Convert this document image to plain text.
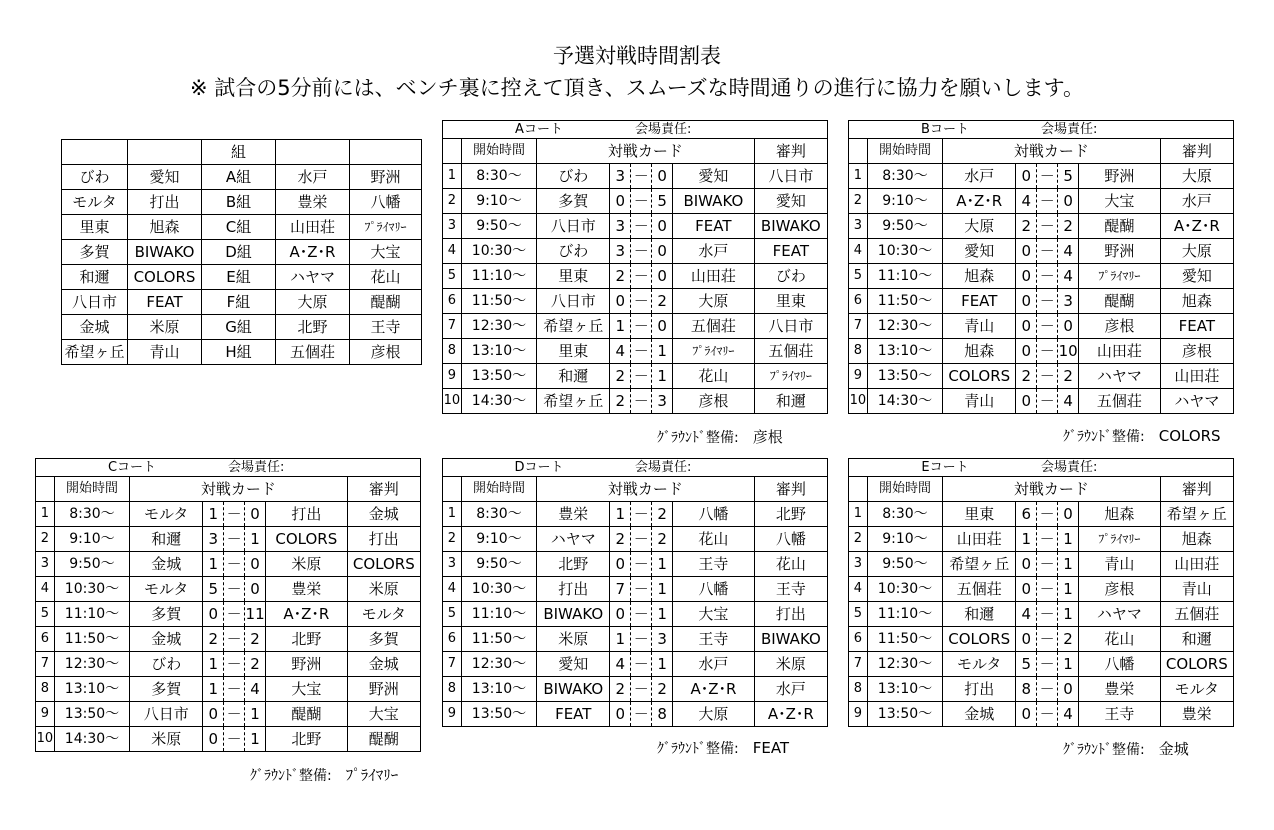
予選対戦時間割表
※ 試合の5分前には、ベンチ裏に控えて頂き、スムーズな時間通りの進行に協力を願いします。
		組		
びわ	愛知	A組	水戸	野洲
モルタ	打出	B組	豊栄	八幡
里東	旭森	C組	山田荘	ﾌﾟﾗｲﾏﾘｰ
多賀	BIWAKO	D組	A･Z･R	大宝
和邇	COLORS	E組	ハヤマ	花山
八日市	FEAT	F組	大原	醍醐
金城	米原	G組	北野	王寺
希望ヶ丘	青山	H組	五個荘	彦根
Aコート 会場責任:							
	開始時間	対戦カード					審判
1	8:30～	びわ	3	－	0	愛知	八日市
2	9:10～	多賀	0	－	5	BIWAKO	愛知
3	9:50～	八日市	3	－	0	FEAT	BIWAKO
4	10:30～	びわ	3	－	0	水戸	FEAT
5	11:10～	里東	2	－	0	山田荘	びわ
6	11:50～	八日市	0	－	2	大原	里東
7	12:30～	希望ヶ丘	1	－	0	五個荘	八日市
8	13:10～	里東	4	－	1	ﾌﾟﾗｲﾏﾘｰ	五個荘
9	13:50～	和邇	2	－	1	花山	ﾌﾟﾗｲﾏﾘｰ
10	14:30～	希望ヶ丘	2	－	3	彦根	和邇
ｸﾞﾗｳﾝﾄﾞ整備: 彦根
Bコート 会場責任:							
	開始時間	対戦カード					審判
1	8:30～	水戸	0	－	5	野洲	大原
2	9:10～	A･Z･R	4	－	0	大宝	水戸
3	9:50～	大原	2	－	2	醍醐	A･Z･R
4	10:30～	愛知	0	－	4	野洲	大原
5	11:10～	旭森	0	－	4	ﾌﾟﾗｲﾏﾘｰ	愛知
6	11:50～	FEAT	0	－	3	醍醐	旭森
7	12:30～	青山	0	－	0	彦根	FEAT
8	13:10～	旭森	0	－	10	山田荘	彦根
9	13:50～	COLORS	2	－	2	ハヤマ	山田荘
10	14:30～	青山	0	－	4	五個荘	ハヤマ
ｸﾞﾗｳﾝﾄﾞ整備: COLORS
Cコート 会場責任:							
	開始時間	対戦カード					審判
1	8:30～	モルタ	1	－	0	打出	金城
2	9:10～	和邇	3	－	1	COLORS	打出
3	9:50～	金城	1	－	0	米原	COLORS
4	10:30～	モルタ	5	－	0	豊栄	米原
5	11:10～	多賀	0	－	11	A･Z･R	モルタ
6	11:50～	金城	2	－	2	北野	多賀
7	12:30～	びわ	1	－	2	野洲	金城
8	13:10～	多賀	1	－	4	大宝	野洲
9	13:50～	八日市	0	－	1	醍醐	大宝
10	14:30～	米原	0	－	1	北野	醍醐
ｸﾞﾗｳﾝﾄﾞ整備: ﾌﾟﾗｲﾏﾘｰ
Dコート 会場責任:							
	開始時間	対戦カード					審判
1	8:30～	豊栄	1	－	2	八幡	北野
2	9:10～	ハヤマ	2	－	2	花山	八幡
3	9:50～	北野	0	－	1	王寺	花山
4	10:30～	打出	7	－	1	八幡	王寺
5	11:10～	BIWAKO	0	－	1	大宝	打出
6	11:50～	米原	1	－	3	王寺	BIWAKO
7	12:30～	愛知	4	－	1	水戸	米原
8	13:10～	BIWAKO	2	－	2	A･Z･R	水戸
9	13:50～	FEAT	0	－	8	大原	A･Z･R
ｸﾞﾗｳﾝﾄﾞ整備: FEAT
Eコート 会場責任:							
	開始時間	対戦カード					審判
1	8:30～	里東	6	－	0	旭森	希望ヶ丘
2	9:10～	山田荘	1	－	1	ﾌﾟﾗｲﾏﾘｰ	旭森
3	9:50～	希望ヶ丘	0	－	1	青山	山田荘
4	10:30～	五個荘	0	－	1	彦根	青山
5	11:10～	和邇	4	－	1	ハヤマ	五個荘
6	11:50～	COLORS	0	－	2	花山	和邇
7	12:30～	モルタ	5	－	1	八幡	COLORS
8	13:10～	打出	8	－	0	豊栄	モルタ
9	13:50～	金城	0	－	4	王寺	豊栄
ｸﾞﾗｳﾝﾄﾞ整備: 金城
